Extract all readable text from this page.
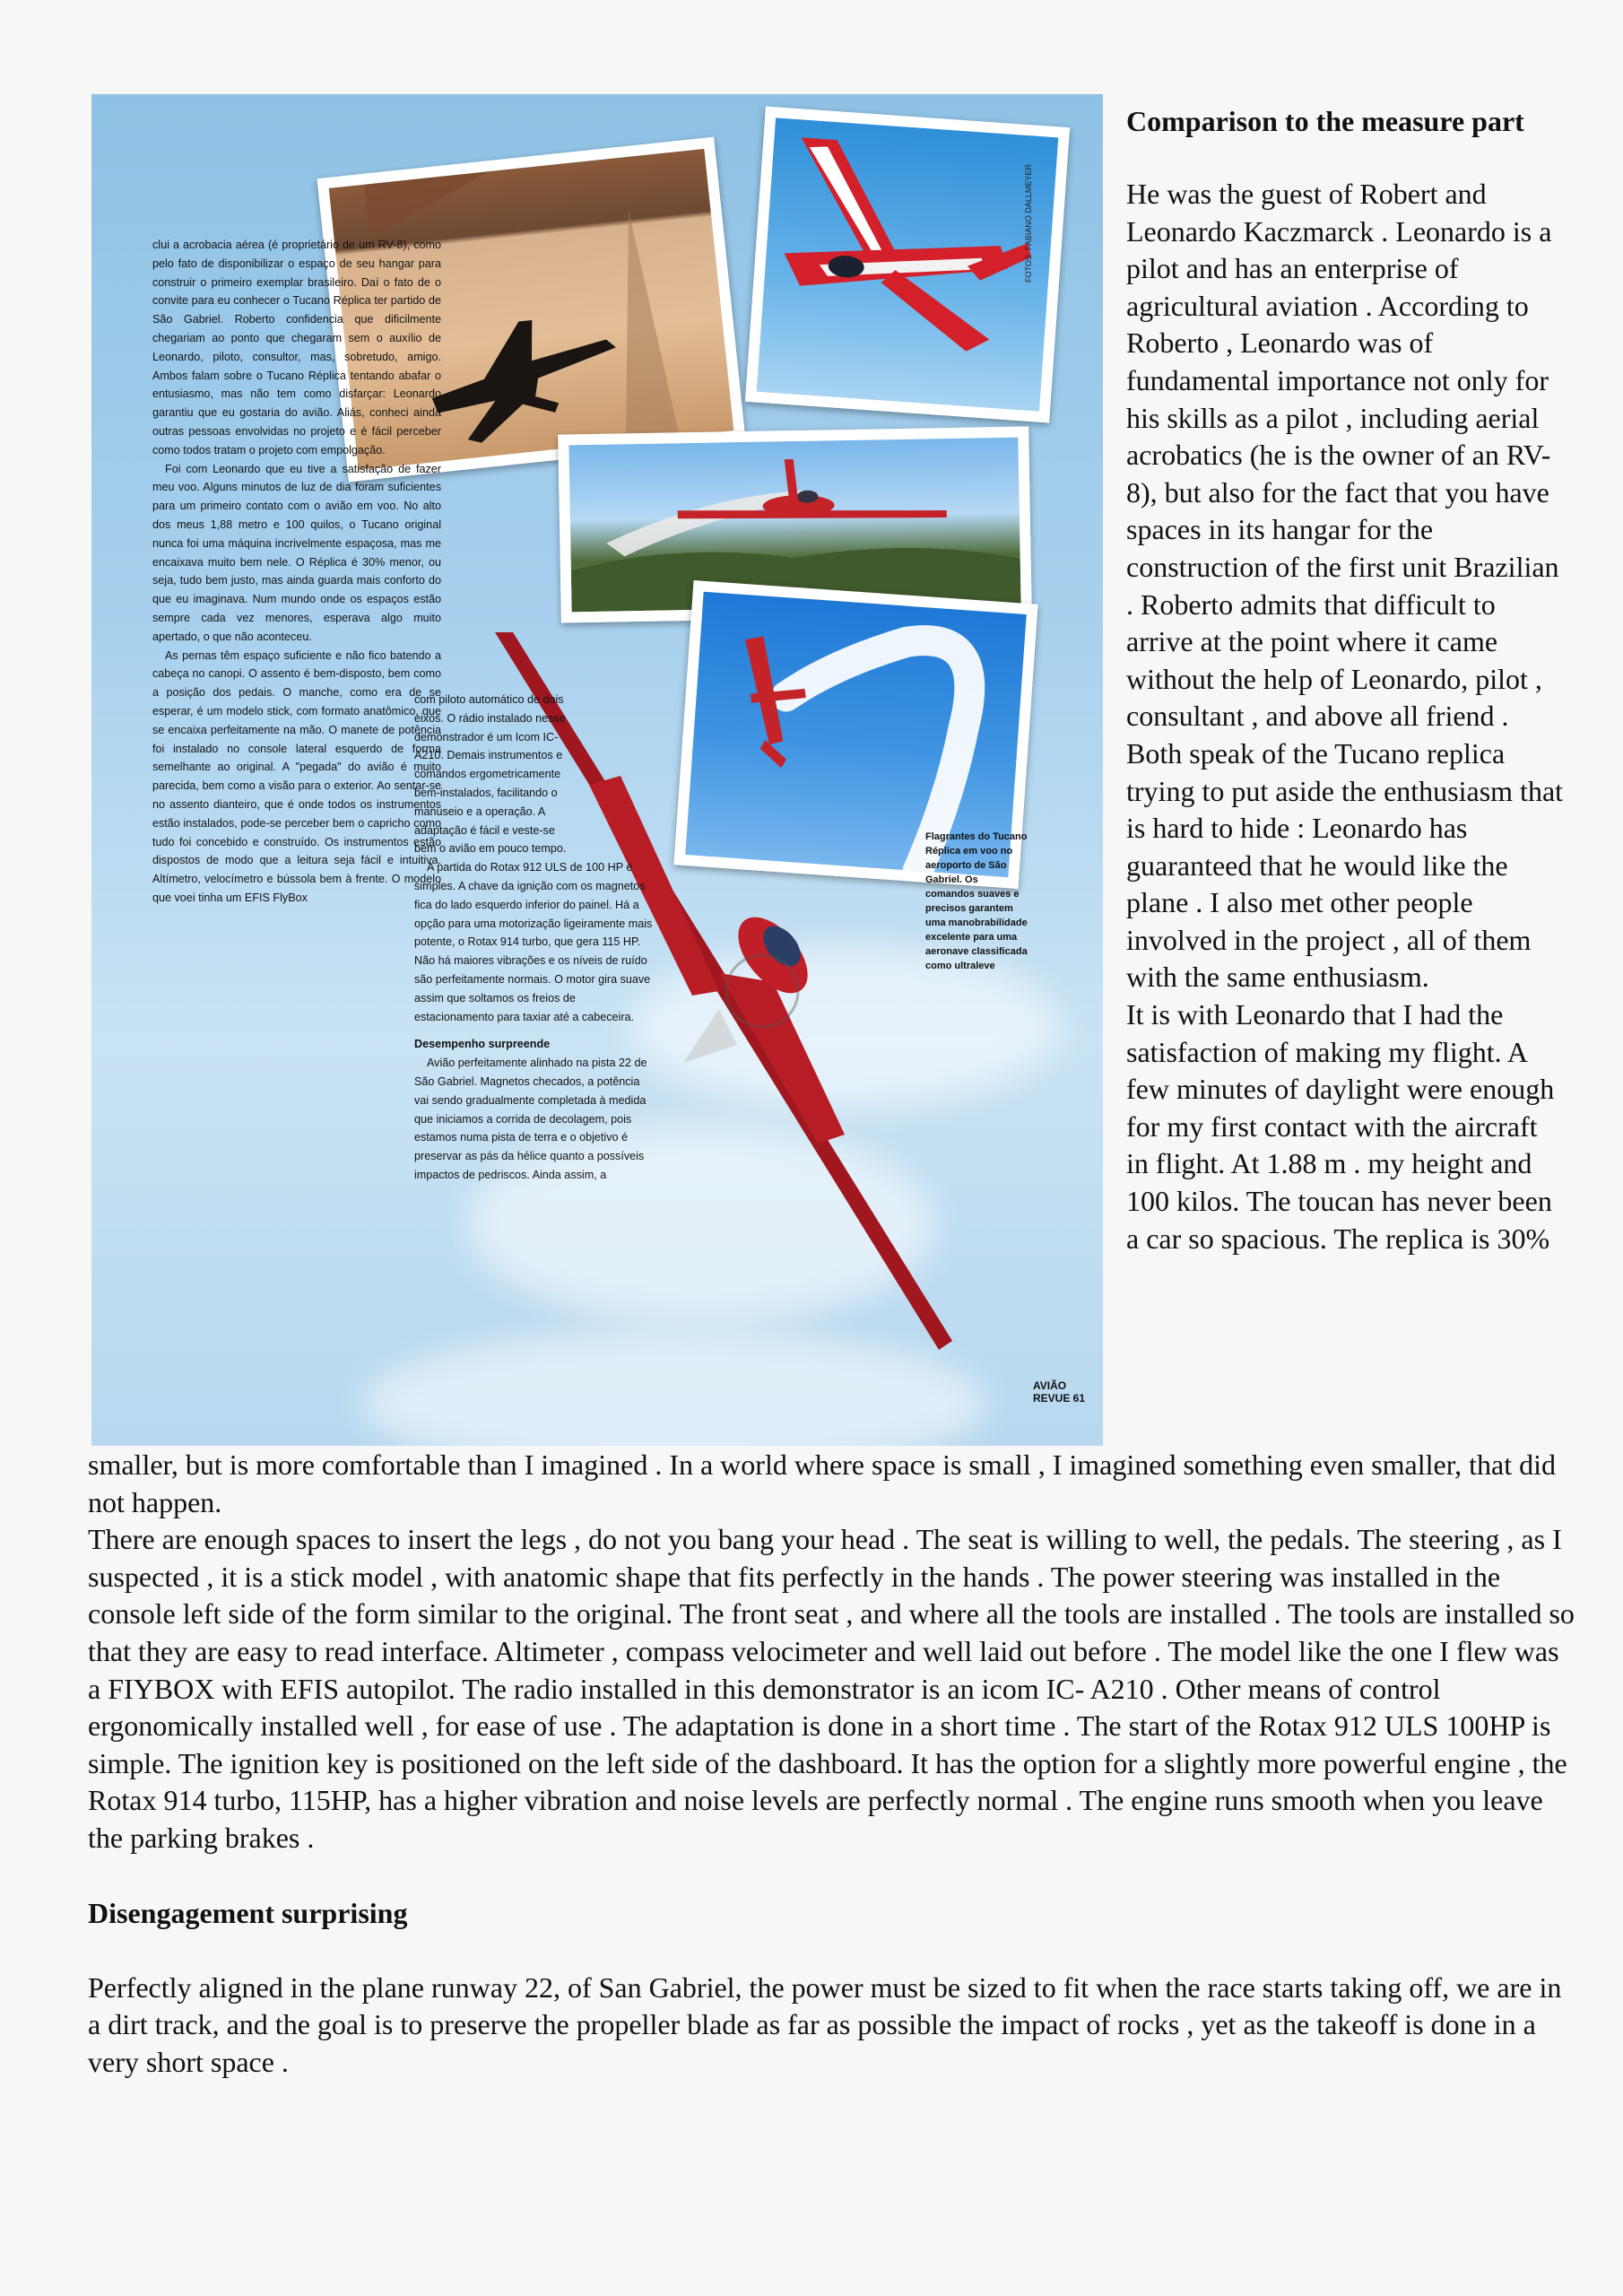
clui a acrobacia aérea (é proprietário de um RV-8), como pelo fato de disponibilizar o espaço de seu hangar para construir o primeiro exemplar brasileiro. Daí o fato de o convite para eu conhecer o Tucano Réplica ter partido de São Gabriel. Roberto confidencia que dificilmente chegariam ao ponto que chegaram sem o auxílio de Leonardo, piloto, consultor, mas, sobretudo, amigo. Ambos falam sobre o Tucano Réplica tentando abafar o entusiasmo, mas não tem como disfarçar: Leonardo garantiu que eu gostaria do avião. Aliás, conheci ainda outras pessoas envolvidas no projeto e é fácil perceber como todos tratam o projeto com empolgação.

Foi com Leonardo que eu tive a satisfação de fazer meu voo. Alguns minutos de luz de dia foram suficientes para um primeiro contato com o avião em voo. No alto dos meus 1,88 metro e 100 quilos, o Tucano original nunca foi uma máquina incrivelmente espaçosa, mas me encaixava muito bem nele. O Réplica é 30% menor, ou seja, tudo bem justo, mas ainda guarda mais conforto do que eu imaginava. Num mundo onde os espaços estão sempre cada vez menores, esperava algo muito apertado, o que não aconteceu.

As pernas têm espaço suficiente e não fico batendo a cabeça no canopi. O assento é bem-disposto, bem como a posição dos pedais. O manche, como era de se esperar, é um modelo stick, com formato anatômico, que se encaixa perfeitamente na mão. O manete de potência foi instalado no console lateral esquerdo de forma semelhante ao original. A "pegada" do avião é muito parecida, bem como a visão para o exterior. Ao sentar-se no assento dianteiro, que é onde todos os instrumentos estão instalados, pode-se perceber bem o capricho como tudo foi concebido e construído. Os instrumentos estão dispostos de modo que a leitura seja fácil e intuitiva. Altímetro, velocímetro e bússola bem à frente. O modelo que voei tinha um EFIS FlyBox

com piloto automático de dois eixos. O rádio instalado nesse demonstrador é um Icom IC-A210. Demais instrumentos e comandos ergometricamente bem-instalados, facilitando o manuseio e a operação. A adaptação é fácil e veste-se bem o avião em pouco tempo.

A partida do Rotax 912 ULS de 100 HP é simples. A chave da ignição com os magnetos fica do lado esquerdo inferior do painel. Há a opção para uma motorização ligeiramente mais potente, o Rotax 914 turbo, que gera 115 HP. Não há maiores vibrações e os níveis de ruído são perfeitamente normais. O motor gira suave assim que soltamos os freios de estacionamento para taxiar até a cabeceira.

Desempenho surpreende

Avião perfeitamente alinhado na pista 22 de São Gabriel. Magnetos checados, a potência vai sendo gradualmente completada à medida que iniciamos a corrida de decolagem, pois estamos numa pista de terra e o objetivo é preservar as pás da hélice quanto a possíveis impactos de pedriscos. Ainda assim, a

Flagrantes do Tucano Réplica em voo no aeroporto de São Gabriel. Os comandos suaves e precisos garantem uma manobrabilidade excelente para uma aeronave classificada como ultraleve
FOTOS: FABIANO DALLMEYER
AVIÃO REVUE 61
Comparison to the measure part

He was the guest of Robert and Leonardo Kaczmarck . Leonardo is a pilot and has an enterprise of agricultural aviation . According to Roberto , Leonardo was of fundamental importance not only for his skills as a pilot , including aerial acrobatics (he is the owner of an RV- 8), but also for the fact that you have spaces in its hangar for the construction of the first unit Brazilian . Roberto admits that difficult to arrive at the point where it came without the help of Leonardo, pilot , consultant , and above all friend . Both speak of the Tucano replica trying to put aside the enthusiasm that is hard to hide : Leonardo has guaranteed that he would like the plane . I also met other people involved in the project , all of them with the same enthusiasm.

It is with Leonardo that I had the satisfaction of making my flight. A few minutes of daylight were enough for my first contact with the aircraft in flight. At 1.88 m . my height and 100 kilos. The toucan has never been a car so spacious. The replica is 30%

smaller, but is more comfortable than I imagined . In a world where space is small , I imagined something even smaller, that did not happen.

There are enough spaces to insert the legs , do not you bang your head . The seat is willing to well, the pedals. The steering , as I suspected , it is a stick model , with anatomic shape that fits perfectly in the hands . The power steering was installed in the console left side of the form similar to the original. The front seat , and where all the tools are installed . The tools are installed so that they are easy to read interface. Altimeter , compass velocimeter and well laid out before . The model like the one I flew was a FIYBOX with EFIS autopilot. The radio installed in this demonstrator is an icom IC- A210 . Other means of control ergonomically installed well , for ease of use . The adaptation is done in a short time . The start of the Rotax 912 ULS 100HP is simple. The ignition key is positioned on the left side of the dashboard. It has the option for a slightly more powerful engine , the Rotax 914 turbo, 115HP, has a higher vibration and noise levels are perfectly normal . The engine runs smooth when you leave the parking brakes .

Disengagement surprising

Perfectly aligned in the plane runway 22, of San Gabriel, the power must be sized to fit when the race starts taking off, we are in a dirt track, and the goal is to preserve the propeller blade as far as possible the impact of rocks , yet as the takeoff is done in a very short space .
